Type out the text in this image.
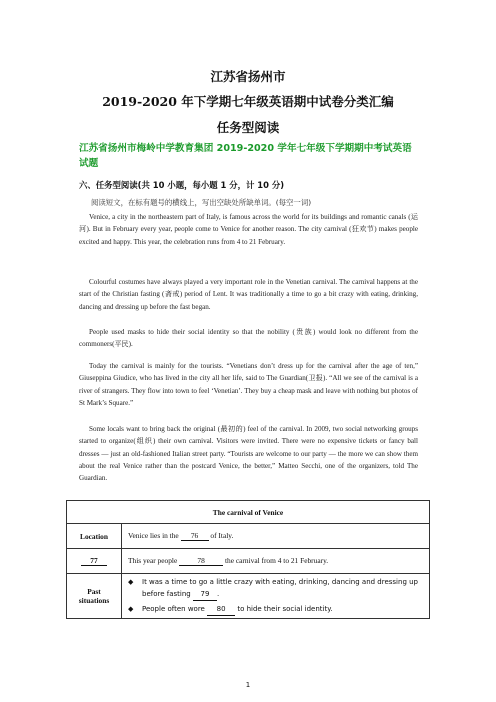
江苏省扬州市
2019-2020 年下学期七年级英语期中试卷分类汇编
任务型阅读
江苏省扬州市梅岭中学教育集团 2019-2020 学年七年级下学期期中考试英语试题
六、任务型阅读(共 10 小题，每小题 1 分，计 10 分)
阅读短文，在标有题号的横线上，写出空缺处所缺单词。(每空一词)
Venice, a city in the northeastern part of Italy, is famous across the world for its buildings and romantic canals (运河). But in February every year, people come to Venice for another reason. The city carnival (狂欢节) makes people excited and happy. This year, the celebration runs from 4 to 21 February.
Colourful costumes have always played a very important role in the Venetian carnival. The carnival happens at the start of the Christian fasting (斋戒) period of Lent. It was traditionally a time to go a bit crazy with eating, drinking, dancing and dressing up before the fast began.
People used masks to hide their social identity so that the nobility (贵族) would look no different from the commoners(平民).
Today the carnival is mainly for the tourists. “Venetians don’t dress up for the carnival after the age of ten,” Giuseppina Giudice, who has lived in the city all her life, said to The Guardian(卫报). “All we see of the carnival is a river of strangers. They flow into town to feel ‘Venetian’. They buy a cheap mask and leave with nothing but photos of St Mark’s Square.”
Some locals want to bring back the original (最初的) feel of the carnival. In 2009, two social networking groups started to organize(组织) their own carnival. Visitors were invited. There were no expensive tickets or fancy ball dresses — just an old-fashioned Italian street party. “Tourists are welcome to our party — the more we can show them about the real Venice rather than the postcard Venice, the better,” Matteo Secchi, one of the organizers, told The Guardian.
The carnival of Venice	
Location	Venice lies in the 76 of Italy.
77	This year people 78 the carnival from 4 to 21 February.
Past situations	◆ It was a time to go a little crazy with eating, drinking, dancing and dressing up before fasting 79 .
◆ People often wore 80 to hide their social identity.
1
